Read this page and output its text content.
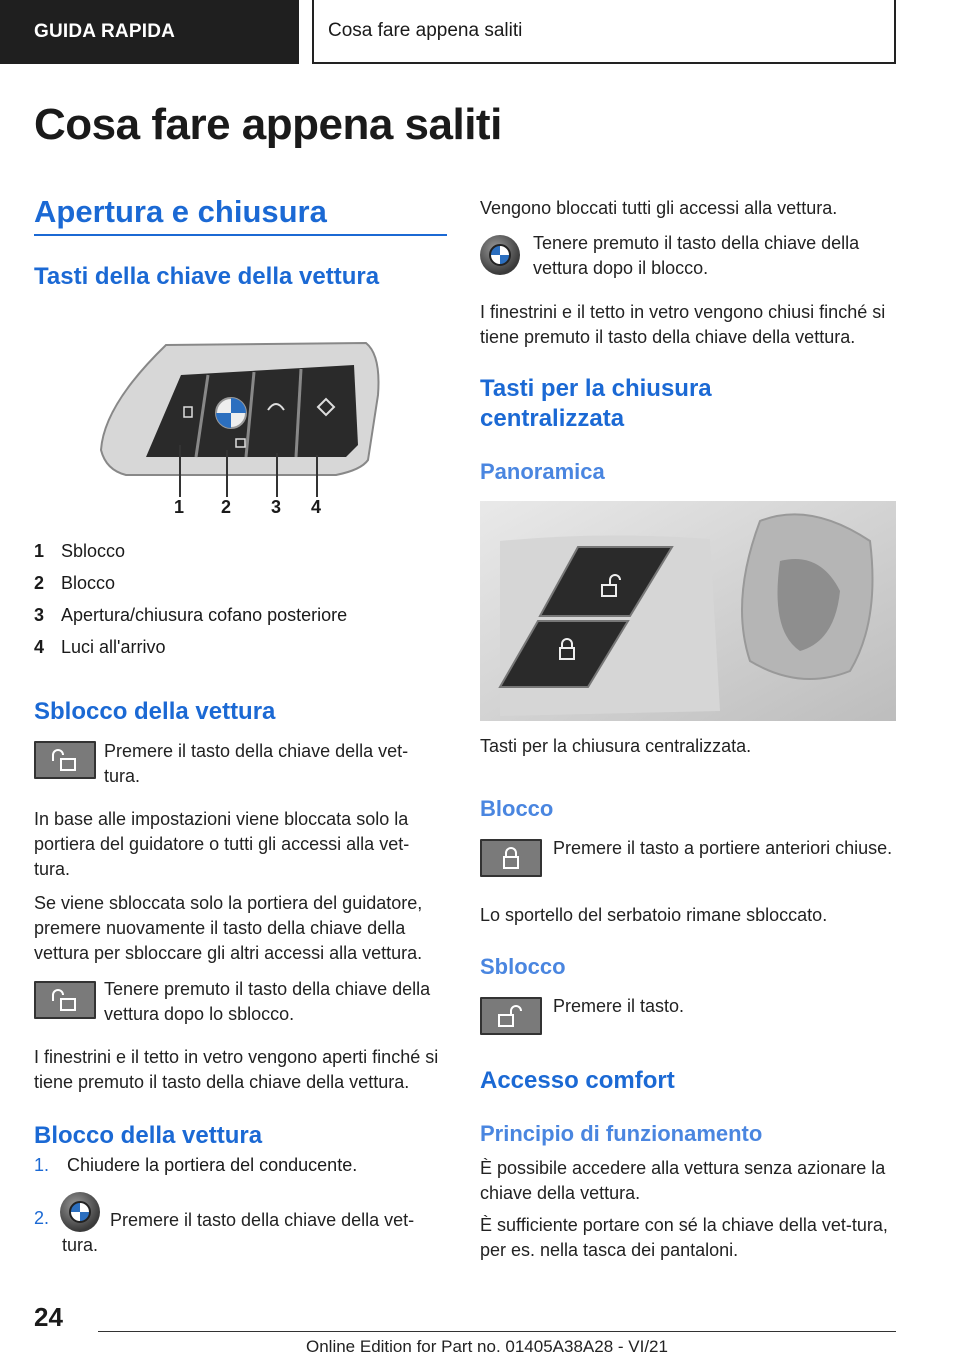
GUIDA RAPIDA	Cosa fare appena saliti
Cosa fare appena saliti
Apertura e chiusura
Tasti della chiave della vettura
1 2 3 4
1 Sblocco
2 Blocco
3 Apertura/chiusura cofano posteriore
4 Luci all'arrivo
Sblocco della vettura

Premere il tasto della chiave della vet-tura.

In base alle impostazioni viene bloccata solo la portiera del guidatore o tutti gli accessi alla vet-tura.

Se viene sbloccata solo la portiera del guidatore, premere nuovamente il tasto della chiave della vettura per sbloccare gli altri accessi alla vettura.

Tenere premuto il tasto della chiave della vettura dopo lo sblocco.

I finestrini e il tetto in vetro vengono aperti finché si tiene premuto il tasto della chiave della vettura.

Blocco della vettura
1. Chiudere la portiera del conducente.
2.	Premere il tasto della chiave della vet-tura.

Vengono bloccati tutti gli accessi alla vettura.

Tenere premuto il tasto della chiave della vettura dopo il blocco.

I finestrini e il tetto in vetro vengono chiusi finché si tiene premuto il tasto della chiave della vettura.

Tasti per la chiusura centralizzata
Panoramica

Tasti per la chiusura centralizzata.

Blocco

Premere il tasto a portiere anteriori chiuse.

Lo sportello del serbatoio rimane sbloccato.

Sblocco

Premere il tasto.

Accesso comfort
Principio di funzionamento

È possibile accedere alla vettura senza azionare la chiave della vettura.

È sufficiente portare con sé la chiave della vet-tura, per es. nella tasca dei pantaloni.

24
Online Edition for Part no. 01405A38A28 - VI/21
